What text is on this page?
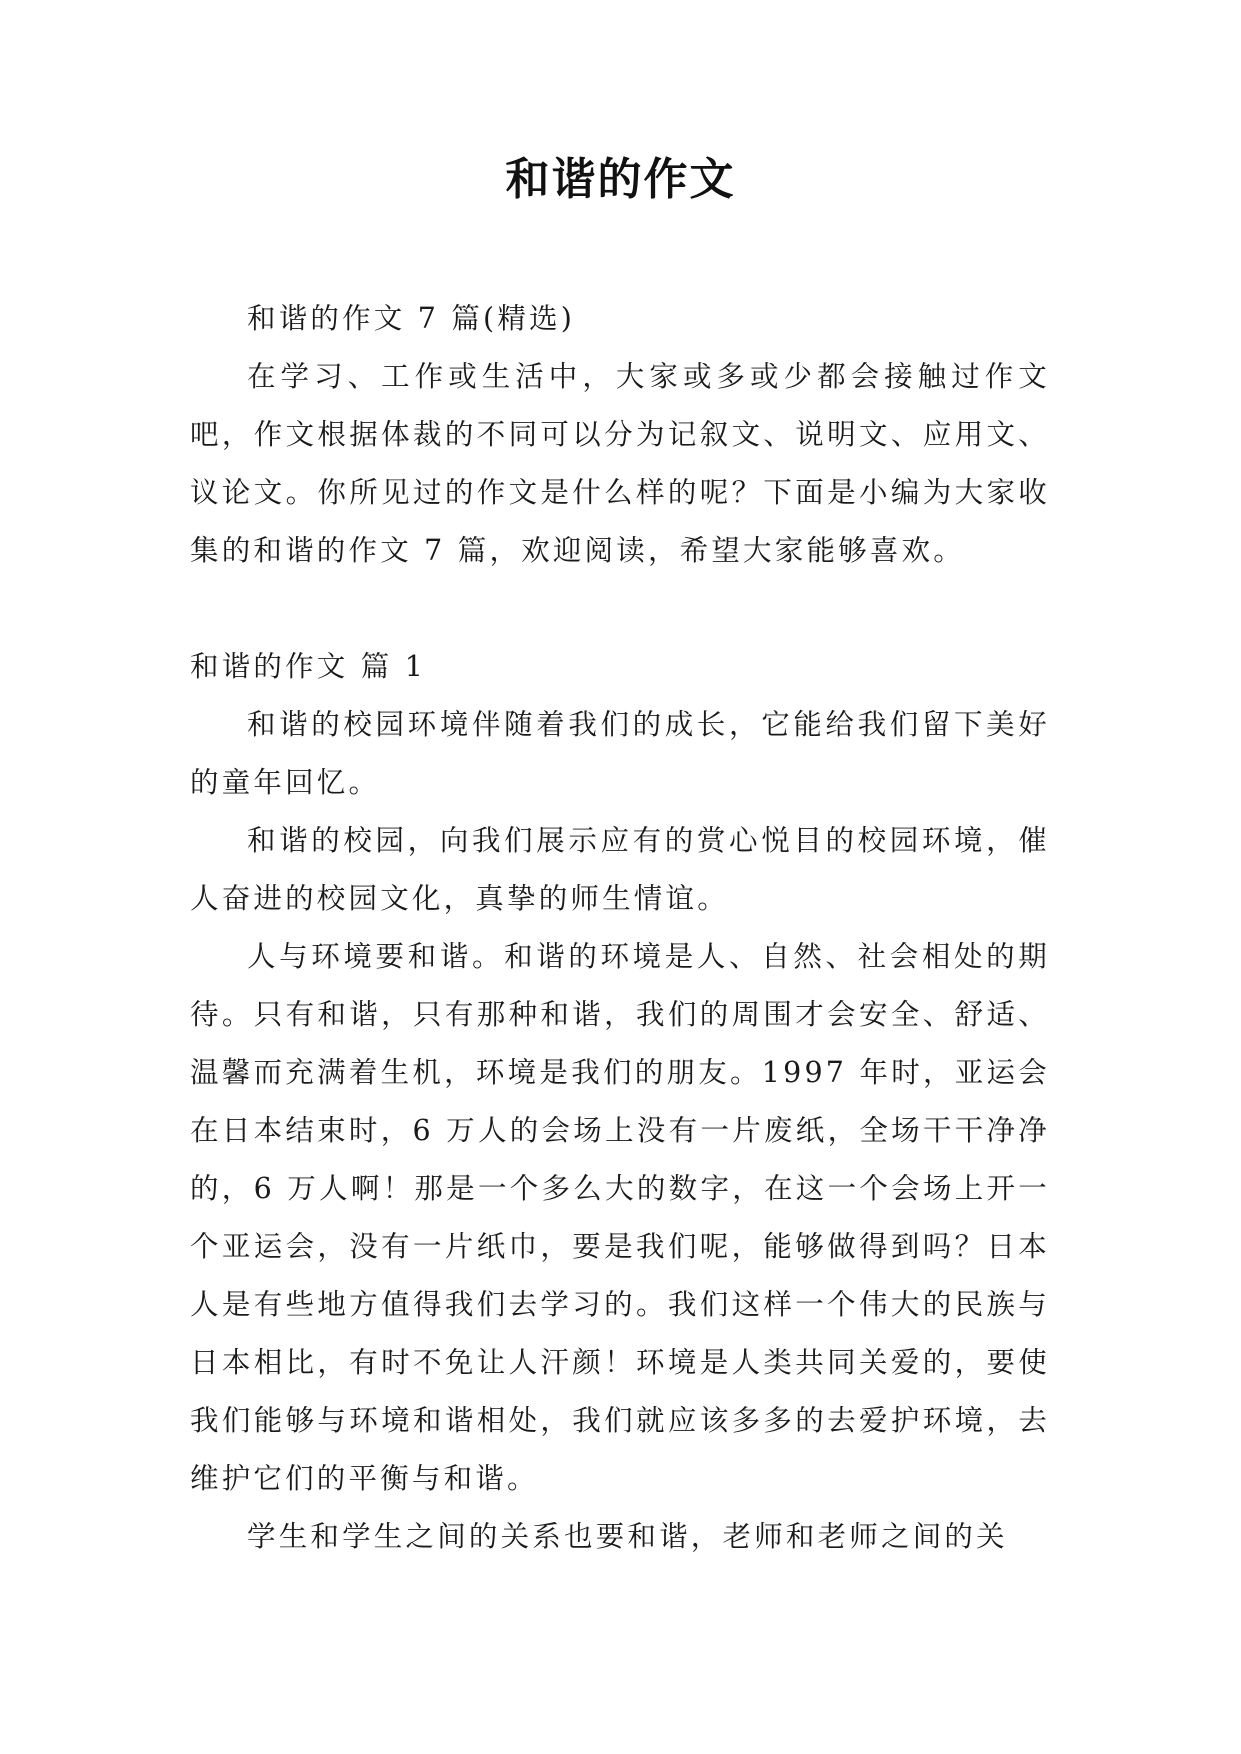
和谐的作文

和谐的作文 7 篇(精选)

在学习、工作或生活中，大家或多或少都会接触过作文吧，作文根据体裁的不同可以分为记叙文、说明文、应用文、议论文。你所见过的作文是什么样的呢？下面是小编为大家收集的和谐的作文 7 篇，欢迎阅读，希望大家能够喜欢。

和谐的作文 篇 1

和谐的校园环境伴随着我们的成长，它能给我们留下美好的童年回忆。

和谐的校园，向我们展示应有的赏心悦目的校园环境，催人奋进的校园文化，真挚的师生情谊。

人与环境要和谐。和谐的环境是人、自然、社会相处的期待。只有和谐，只有那种和谐，我们的周围才会安全、舒适、温馨而充满着生机，环境是我们的朋友。1997 年时，亚运会在日本结束时，6 万人的会场上没有一片废纸，全场干干净净的，6 万人啊！那是一个多么大的数字，在这一个会场上开一个亚运会，没有一片纸巾，要是我们呢，能够做得到吗？日本人是有些地方值得我们去学习的。我们这样一个伟大的民族与日本相比，有时不免让人汗颜！环境是人类共同关爱的，要使我们能够与环境和谐相处，我们就应该多多的去爱护环境，去维护它们的平衡与和谐。

学生和学生之间的关系也要和谐，老师和老师之间的关
